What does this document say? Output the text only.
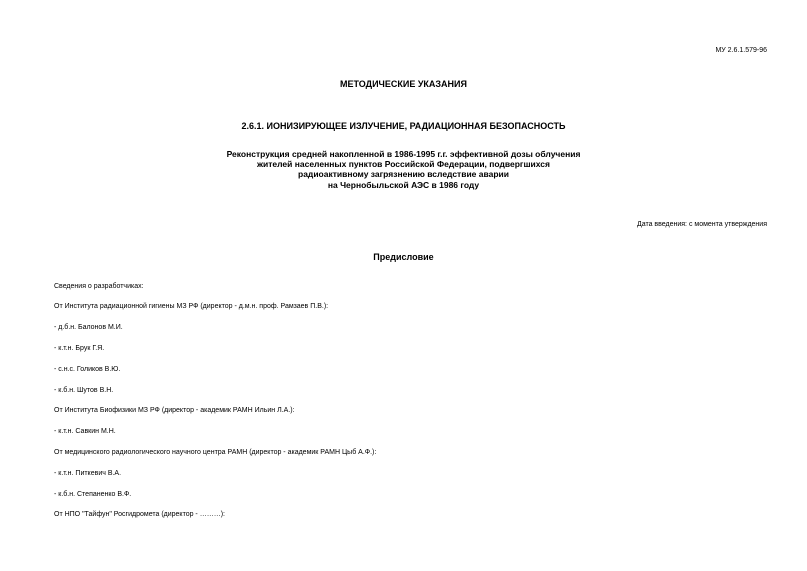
МУ 2.6.1.579-96
МЕТОДИЧЕСКИЕ УКАЗАНИЯ
2.6.1. ИОНИЗИРУЮЩЕЕ ИЗЛУЧЕНИЕ, РАДИАЦИОННАЯ БЕЗОПАСНОСТЬ
Реконструкция средней накопленной в 1986-1995 г.г. эффективной дозы облучения
жителей населенных пунктов Российской Федерации, подвергшихся
радиоактивному загрязнению вследствие аварии
на Чернобыльской АЭС в 1986 году
Дата введения: с момента утверждения
Предисловие
Сведения о разработчиках:
От Института радиационной гигиены МЗ РФ (директор - д.м.н. проф. Рамзаев П.В.):
- д.б.н. Балонов М.И.
- к.т.н. Брук Г.Я.
- с.н.с. Голиков В.Ю.
- к.б.н. Шутов В.Н.
От Института Биофизики МЗ РФ (директор - академик РАМН Ильин Л.А.):
- к.т.н. Савкин М.Н.
От медицинского радиологического научного центра РАМН (директор - академик РАМН Цыб А.Ф.):
- к.т.н. Питкевич В.А.
- к.б.н. Степаненко В.Ф.
От НПО "Тайфун" Росгидромета (директор - ………):
